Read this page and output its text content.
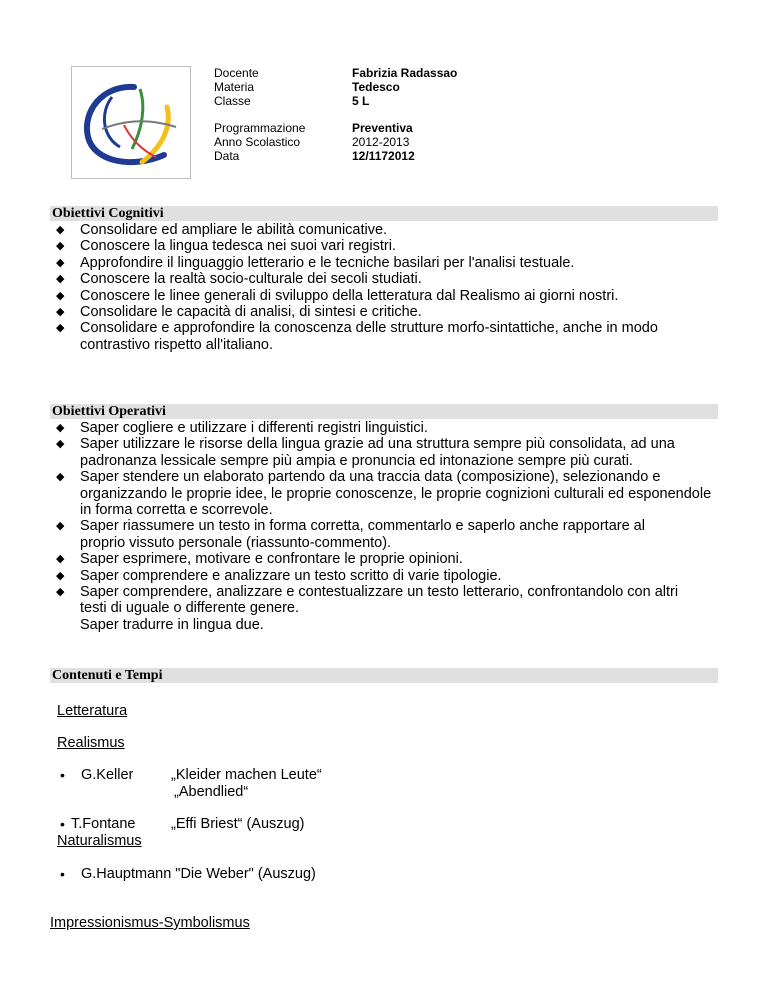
Docente	Fabrizia Radassao
Materia	Tedesco
Classe	5 L
Programmazione	Preventiva
Anno Scolastico	2012-2013
Data	12/1172012
Obiettivi Cognitivi
◆ Consolidare ed ampliare le abilità comunicative.
◆ Conoscere la lingua tedesca nei suoi vari registri.
◆ Approfondire il linguaggio letterario e le tecniche basilari per l'analisi testuale.
◆ Conoscere la realtà socio-culturale dei secoli studiati.
◆ Conoscere le linee generali di sviluppo della letteratura dal Realismo ai giorni nostri.
◆ Consolidare le capacità di analisi, di sintesi e critiche.
◆ Consolidare e approfondire la conoscenza delle strutture morfo-sintattiche, anche in modo contrastivo rispetto all'italiano.
Obiettivi Operativi
◆ Saper cogliere e utilizzare i differenti registri linguistici.
◆ Saper utilizzare le risorse della lingua grazie ad una struttura sempre più consolidata, ad una padronanza lessicale sempre più ampia e pronuncia ed intonazione sempre più curati.
◆ Saper stendere un elaborato partendo da una traccia data (composizione), selezionando e organizzando le proprie idee, le proprie conoscenze, le proprie cognizioni culturali ed esponendole in forma corretta e scorrevole.
◆ Saper riassumere un testo in forma corretta, commentarlo e saperlo anche rapportare al proprio vissuto personale (riassunto-commento).
◆ Saper esprimere, motivare e confrontare le proprie opinioni.
◆ Saper comprendere e analizzare un testo scritto di varie tipologie.
◆ Saper comprendere, analizzare e contestualizzare un testo letterario, confrontandolo con altri testi di uguale o differente genere.
Saper tradurre in lingua due.
Contenuti e Tempi
Letteratura
Realismus
• G.Keller	„Kleider machen Leute“
„Abendlied“
• T.Fontane „Effi Briest“ (Auszug)
Naturalismus
• G.Hauptmann "Die Weber" (Auszug)
Impressionismus-Symbolismus
